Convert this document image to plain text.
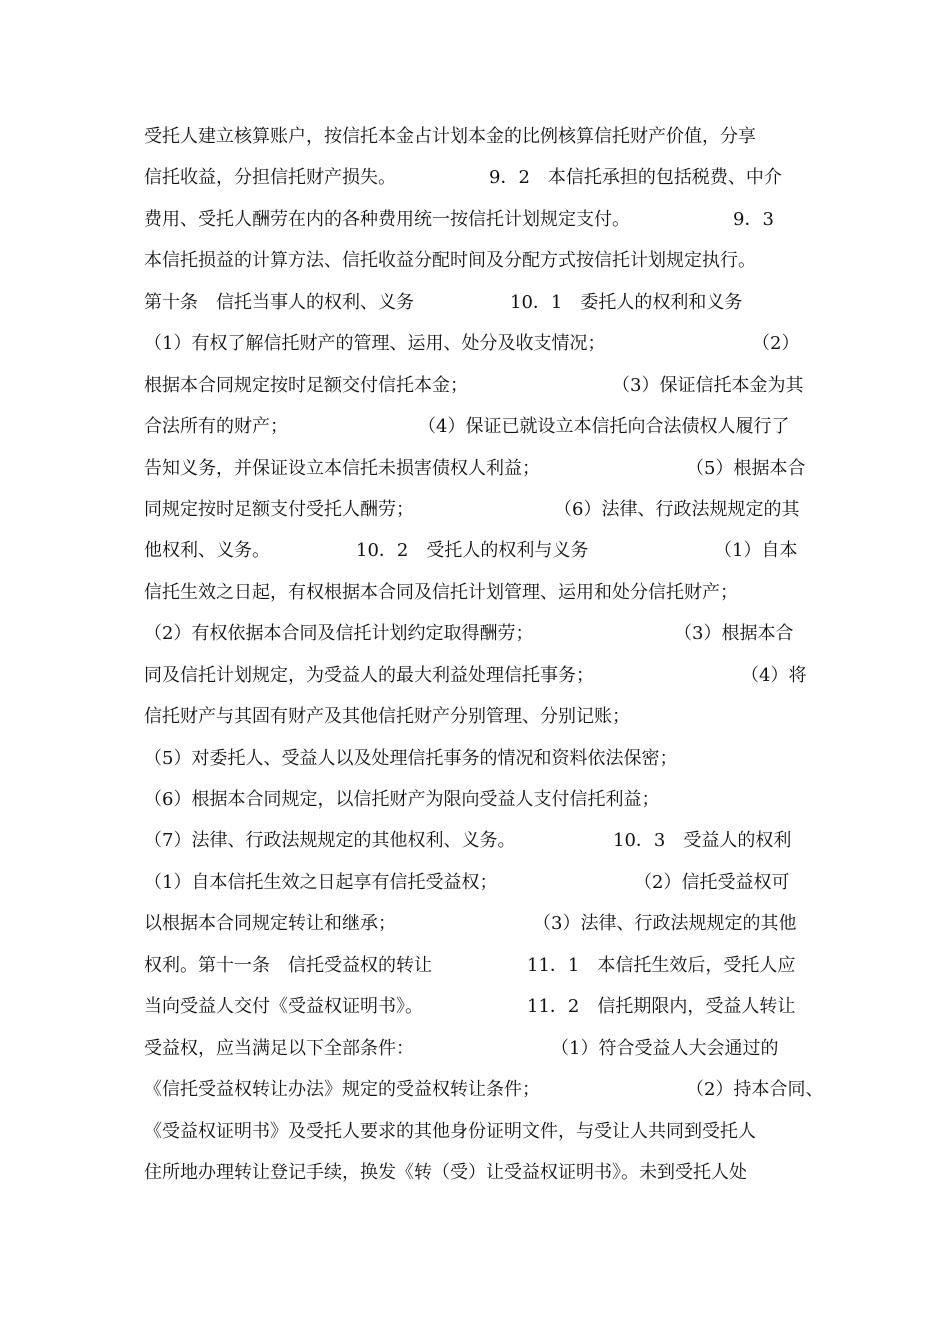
受托人建立核算账户，按信托本金占计划本金的比例核算信托财产价值，分享
信托收益，分担信托财产损失。	9．2　本信托承担的包括税费、中介
费用、受托人酬劳在内的各种费用统一按信托计划规定支付。	9．3
本信托损益的计算方法、信托收益分配时间及分配方式按信托计划规定执行。
第十条　信托当事人的权利、义务	10．1　委托人的权利和义务
（1）有权了解信托财产的管理、运用、处分及收支情况；	（2）
根据本合同规定按时足额交付信托本金；	（3）保证信托本金为其
合法所有的财产；	（4）保证已就设立本信托向合法债权人履行了
告知义务，并保证设立本信托未损害债权人利益；	（5）根据本合
同规定按时足额支付受托人酬劳；	（6）法律、行政法规规定的其
他权利、义务。	10．2　受托人的权利与义务	（1）自本
信托生效之日起，有权根据本合同及信托计划管理、运用和处分信托财产；
（2）有权依据本合同及信托计划约定取得酬劳；	（3）根据本合
同及信托计划规定，为受益人的最大利益处理信托事务；	（4）将
信托财产与其固有财产及其他信托财产分别管理、分别记账；
（5）对委托人、受益人以及处理信托事务的情况和资料依法保密；
（6）根据本合同规定，以信托财产为限向受益人支付信托利益；
（7）法律、行政法规规定的其他权利、义务。	10．3　受益人的权利
（1）自本信托生效之日起享有信托受益权；	（2）信托受益权可
以根据本合同规定转让和继承；	（3）法律、行政法规规定的其他
权利。第十一条　信托受益权的转让	11．1　本信托生效后，受托人应
当向受益人交付《受益权证明书》。	11．2　信托期限内，受益人转让
受益权，应当满足以下全部条件：	（1）符合受益人大会通过的
《信托受益权转让办法》规定的受益权转让条件；	（2）持本合同、
《受益权证明书》及受托人要求的其他身份证明文件，与受让人共同到受托人
住所地办理转让登记手续，换发《转（受）让受益权证明书》。未到受托人处
